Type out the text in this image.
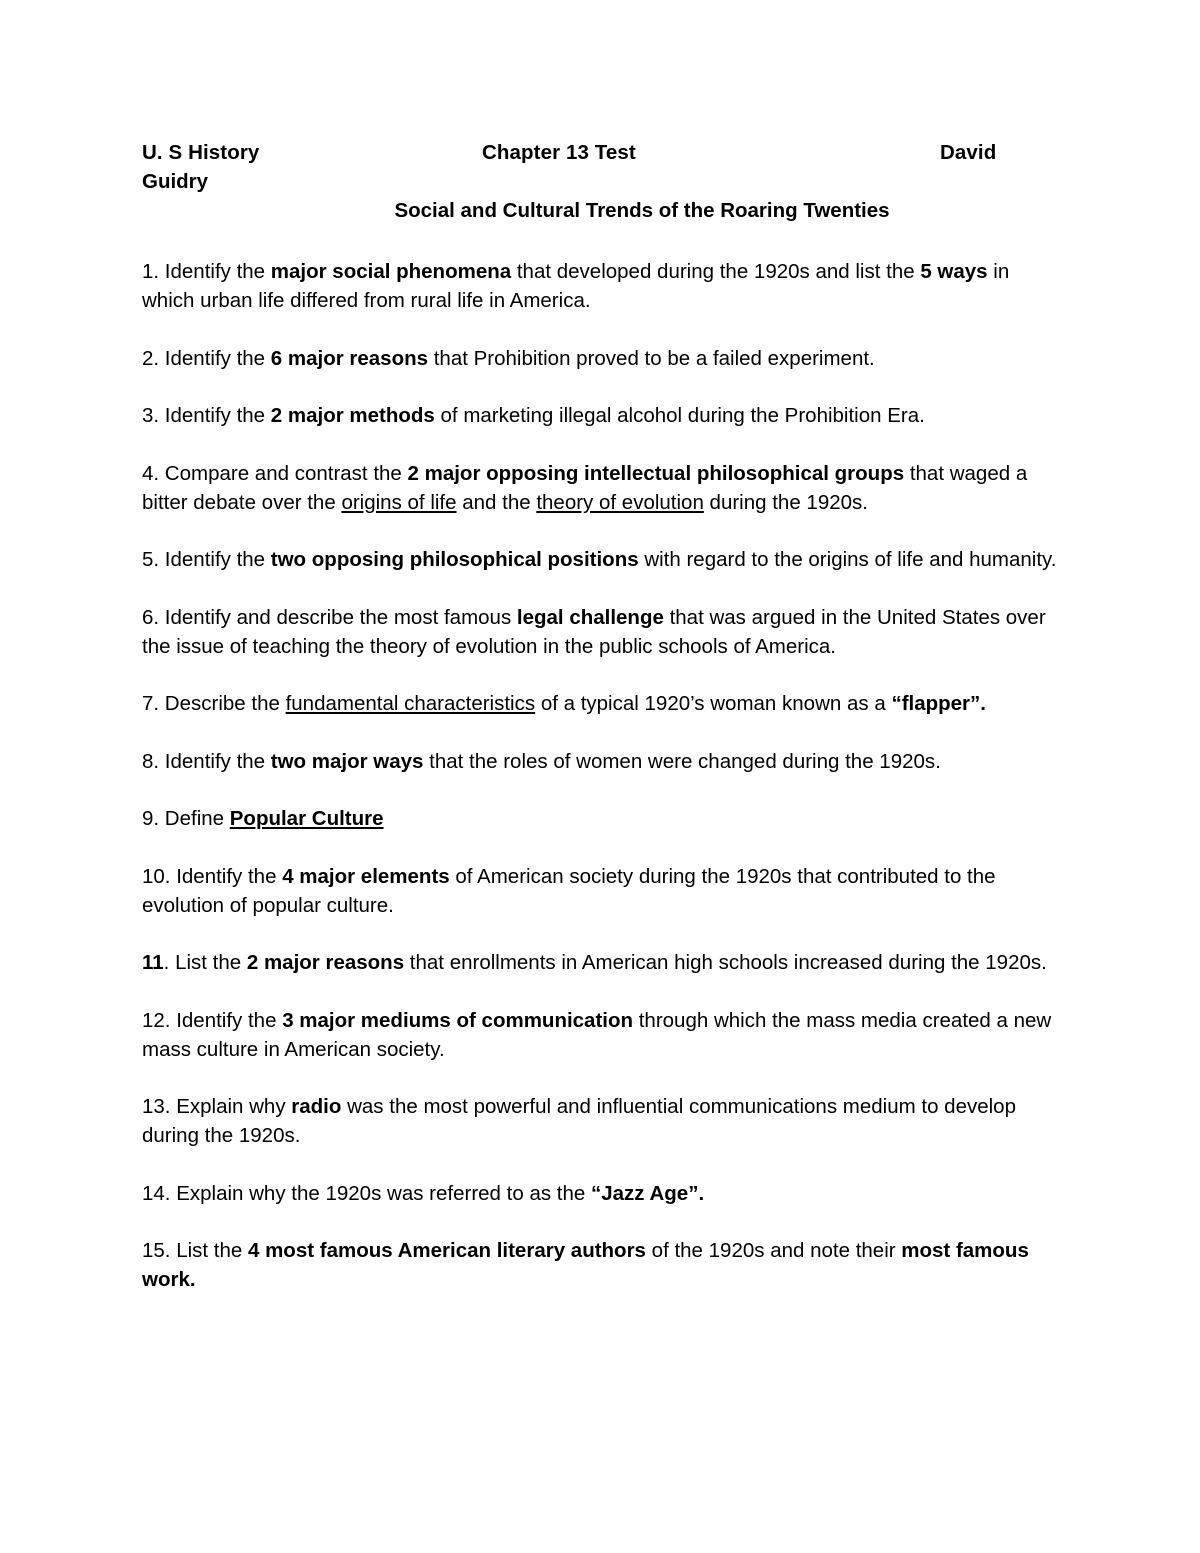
U. S History	Chapter 13 Test	David
Guidry
Social and Cultural Trends of the Roaring Twenties

1. Identify the major social phenomena that developed during the 1920s and list the 5 ways in which urban life differed from rural life in America.

2. Identify the 6 major reasons that Prohibition proved to be a failed experiment.

3. Identify the 2 major methods of marketing illegal alcohol during the Prohibition Era.

4. Compare and contrast the 2 major opposing intellectual philosophical groups that waged a bitter debate over the origins of life and the theory of evolution during the 1920s.

5. Identify the two opposing philosophical positions with regard to the origins of life and humanity.

6. Identify and describe the most famous legal challenge that was argued in the United States over the issue of teaching the theory of evolution in the public schools of America.

7. Describe the fundamental characteristics of a typical 1920’s woman known as a “flapper”.

8. Identify the two major ways that the roles of women were changed during the 1920s.

9. Define Popular Culture

10. Identify the 4 major elements of American society during the 1920s that contributed to the evolution of popular culture.

11. List the 2 major reasons that enrollments in American high schools increased during the 1920s.

12. Identify the 3 major mediums of communication through which the mass media created a new mass culture in American society.

13. Explain why radio was the most powerful and influential communications medium to develop during the 1920s.

14. Explain why the 1920s was referred to as the “Jazz Age”.

15. List the 4 most famous American literary authors of the 1920s and note their most famous work.
